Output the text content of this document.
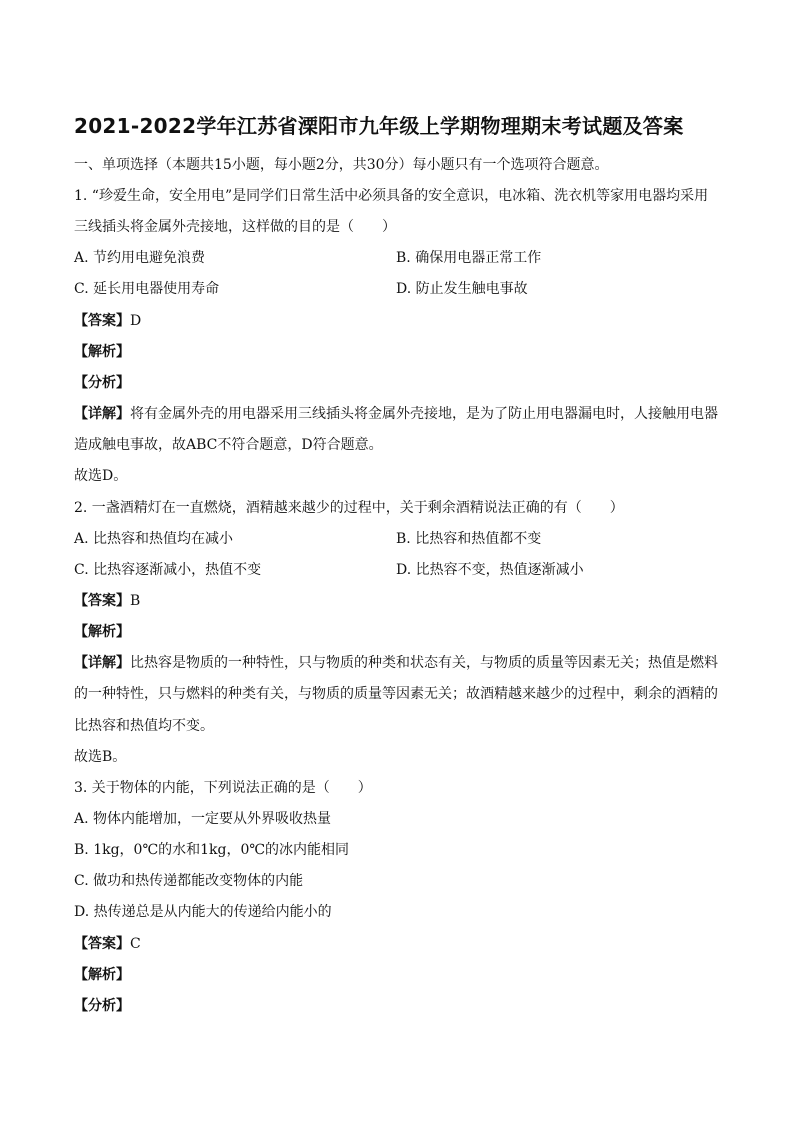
2021-2022学年江苏省溧阳市九年级上学期物理期末考试题及答案
一、单项选择（本题共15小题，每小题2分，共30分）每小题只有一个选项符合题意。
1. “珍爱生命，安全用电”是同学们日常生活中必须具备的安全意识，电冰箱、洗衣机等家用电器均采用
三线插头将金属外壳接地，这样做的目的是（　　）
A. 节约用电避免浪费	B. 确保用电器正常工作
C. 延长用电器使用寿命	D. 防止发生触电事故
【答案】D
【解析】
【分析】
【详解】将有金属外壳的用电器采用三线插头将金属外壳接地，是为了防止用电器漏电时，人接触用电器
造成触电事故，故ABC不符合题意，D符合题意。
故选D。
2. 一盏酒精灯在一直燃烧，酒精越来越少的过程中，关于剩余酒精说法正确的有（　　）
A. 比热容和热值均在减小	B. 比热容和热值都不变
C. 比热容逐渐减小，热值不变	D. 比热容不变，热值逐渐减小
【答案】B
【解析】
【详解】比热容是物质的一种特性，只与物质的种类和状态有关，与物质的质量等因素无关；热值是燃料
的一种特性，只与燃料的种类有关，与物质的质量等因素无关；故酒精越来越少的过程中，剩余的酒精的
比热容和热值均不变。
故选B。
3. 关于物体的内能，下列说法正确的是（　　）
A. 物体内能增加，一定要从外界吸收热量
B. 1kg，0℃的水和1kg，0℃的冰内能相同
C. 做功和热传递都能改变物体的内能
D. 热传递总是从内能大的传递给内能小的
【答案】C
【解析】
【分析】
